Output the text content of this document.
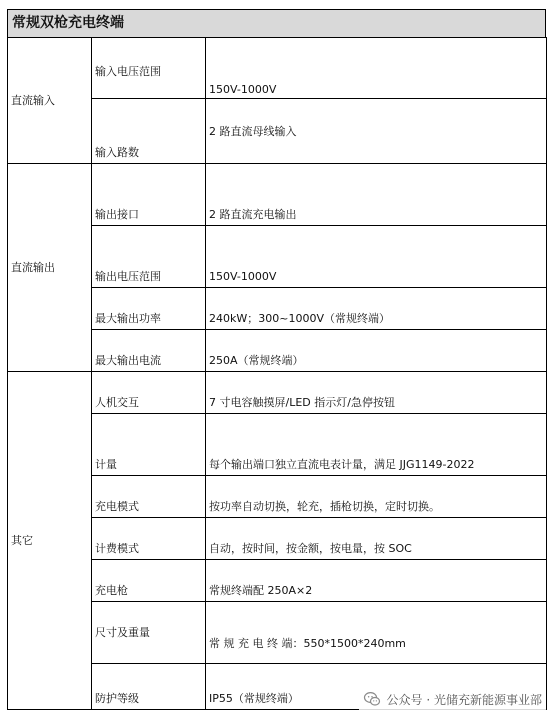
常规双枪充电终端
直流输入	输入电压范围	150V-1000V
	输入路数	2 路直流母线输入
直流输出	输出接口	2 路直流充电输出
	输出电压范围	150V-1000V
	最大输出功率	240kW；300~1000V（常规终端）
	最大输出电流	250A（常规终端）
其它	人机交互	7 寸电容触摸屏/LED 指示灯/急停按钮
	计量	每个输出端口独立直流电表计量，满足 JJG1149-2022
	充电模式	按功率自动切换，轮充，插枪切换，定时切换。
	计费模式	自动，按时间，按金额，按电量，按 SOC
	充电枪	常规终端配 250A×2
	尺寸及重量	常 规 充 电 终 端：550*1500*240mm
	防护等级	IP55（常规终端）	公众号 · 光储充新能源事业部
